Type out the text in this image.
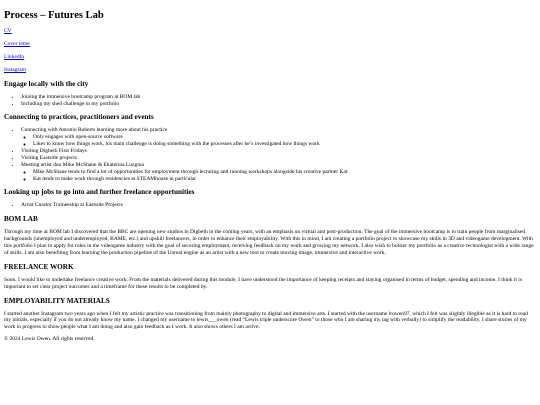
Process – Futures Lab
CV
Cover letter
LinkedIn
Instagram
Engage locally with the city
• Joining the immersive bootcamp program at BOM lab
• Including my shed challenge in my portfolio
Connecting to practices, practitioners and events
• Connecting with Antonio Roberts learning more about his practice
◦ Only engages with open-source software
◦ Likes to know how things work, his main challenge is doing something with the processes after he’s investigated how things work
• Visiting Digbeth First Fridays
• Visiting Eastside projects
• Meeting artist duo Mike McShane & Ekaterina Luzgina
◦ Mike McShane tends to find a lot of opportunities for employment through lecturing and running workshops alongside his creative partner Kat
◦ Kat tends to make work through residencies at STEAMhouse in particular
Looking up jobs to go into and further freelance opportunities
• Artist Curator Traineeship at Eastside Projects
BOM LAB

Through my time at BOM lab I discovered that the BBC are opening new studios in Digbeth in the coming years, with an emphasis on virtual and post-production. The goal of the immersive bootcamp is to train people from marginalised backgrounds (unemployed and underemployed, BAME, etc.) and upskill freelancers, in order to enhance their employability. With this in mind, I am creating a portfolio project to showcase my skills in 3D and videogame development. With this portfolio I plan to apply for roles in the videogame industry with the goal of securing employment, receiving feedback on my work and growing my network. I also wish to bolster my portfolio as a creative technologist with a wide range of skills. I am also benefiting from learning the production pipeline of the Unreal engine as an artist with a new tool to create moving image, immersive and interactive work.

FREELANCE WORK

Soon, I would like to undertake freelance creative work. From the materials delivered during this module, I have understood the importance of keeping receipts and staying organised in terms of budget, spending and income. I think it is important to set clear project outcomes and a timeframe for these results to be completed by.

EMPLOYABILITY MATERIALS

I started another Instagram two years ago when I felt my artistic practice was transitioning from mainly photography to digital and immersive arts. I started with the username lrowen97, which I felt was slightly illegible as it is hard to read my initials, especially if you do not already know my name. I changed my username to lewis___owen (read “Lewis triple underscore Owen” to those who I am sharing my tag with verbally) to simplify the readability. I share stories of my work in progress to show people what I am doing and also gain feedback as I work. It also shows others I am active.

© 2024 Lewis Owen. All rights reserved.
